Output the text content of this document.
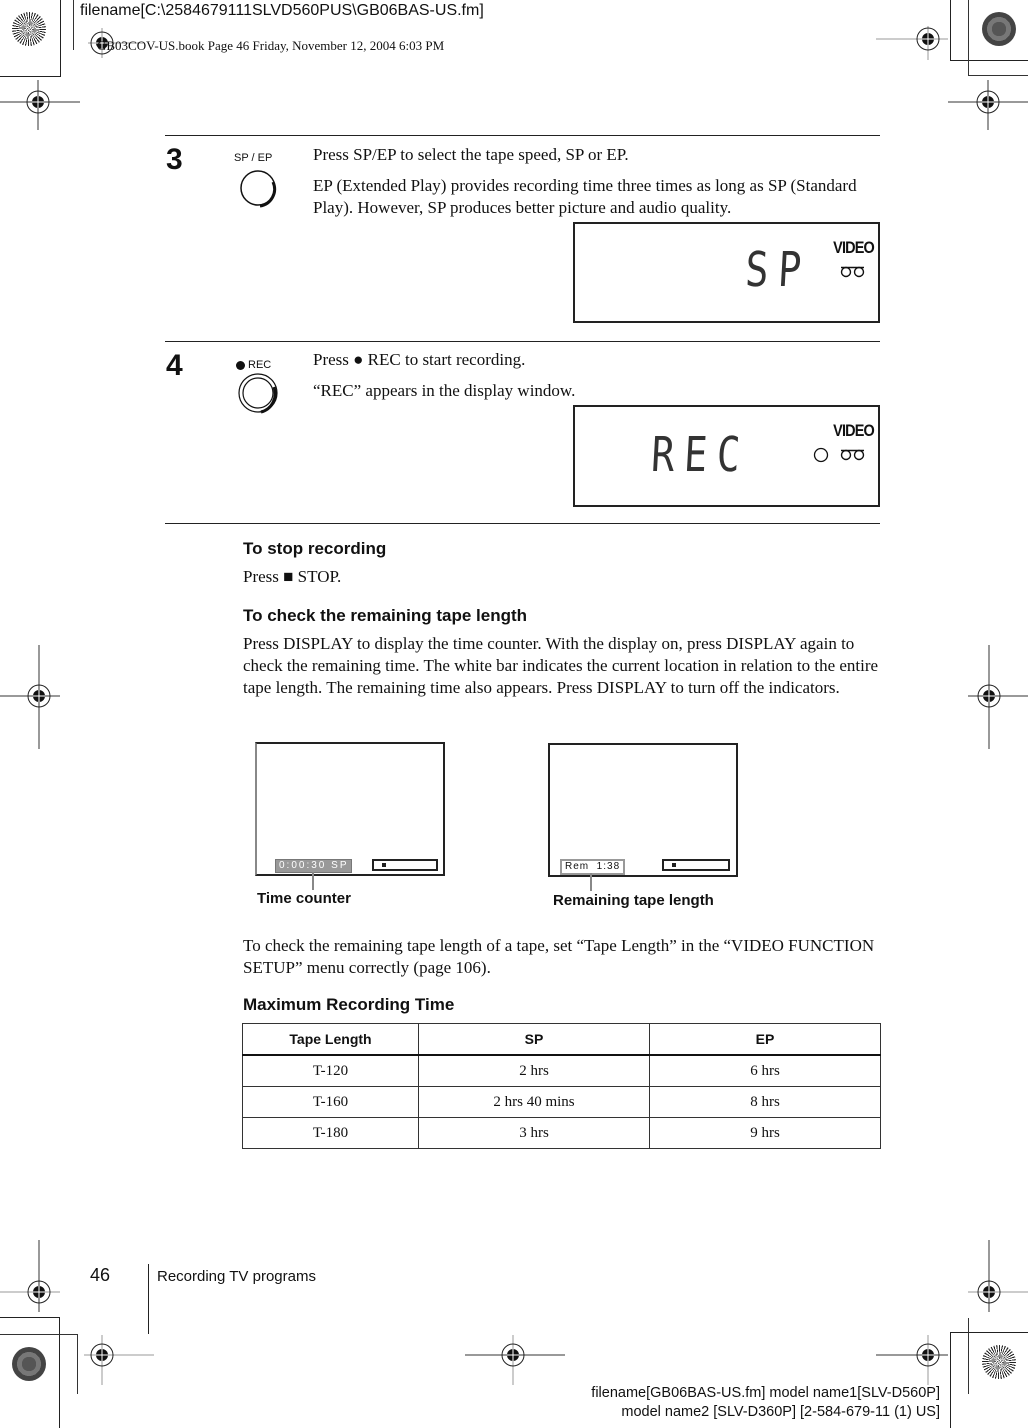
filename[C:\2584679111SLVD560PUS\GB06BAS-US.fm]
GB03COV-US.book Page 46 Friday, November 12, 2004 6:03 PM
3	SP / EP Press SP/EP to select the tape speed, SP or EP.
EP (Extended Play) provides recording time three times as long as SP (Standard Play). However, SP produces better picture and audio quality.
SP VIDEO
4	REC Press ● REC to start recording.
“REC” appears in the display window.
REC	VIDEO
To stop recording
Press ■ STOP.
To check the remaining tape length
Press DISPLAY to display the time counter. With the display on, press DISPLAY again to check the remaining time. The white bar indicates the current location in relation to the entire tape length. The remaining time also appears. Press DISPLAY to turn off the indicators.
0:00:30 SP
Time counter
Rem  1:38
Remaining tape length
To check the remaining tape length of a tape, set “Tape Length” in the “VIDEO FUNCTION SETUP” menu correctly (page 106).
Maximum Recording Time
Tape Length	SP	EP
T-120	2 hrs	6 hrs
T-160	2 hrs 40 mins	8 hrs
T-180	3 hrs	9 hrs
46	Recording TV programs
filename[GB06BAS-US.fm] model name1[SLV-D560P]
model name2 [SLV-D360P] [2-584-679-11 (1) US]
